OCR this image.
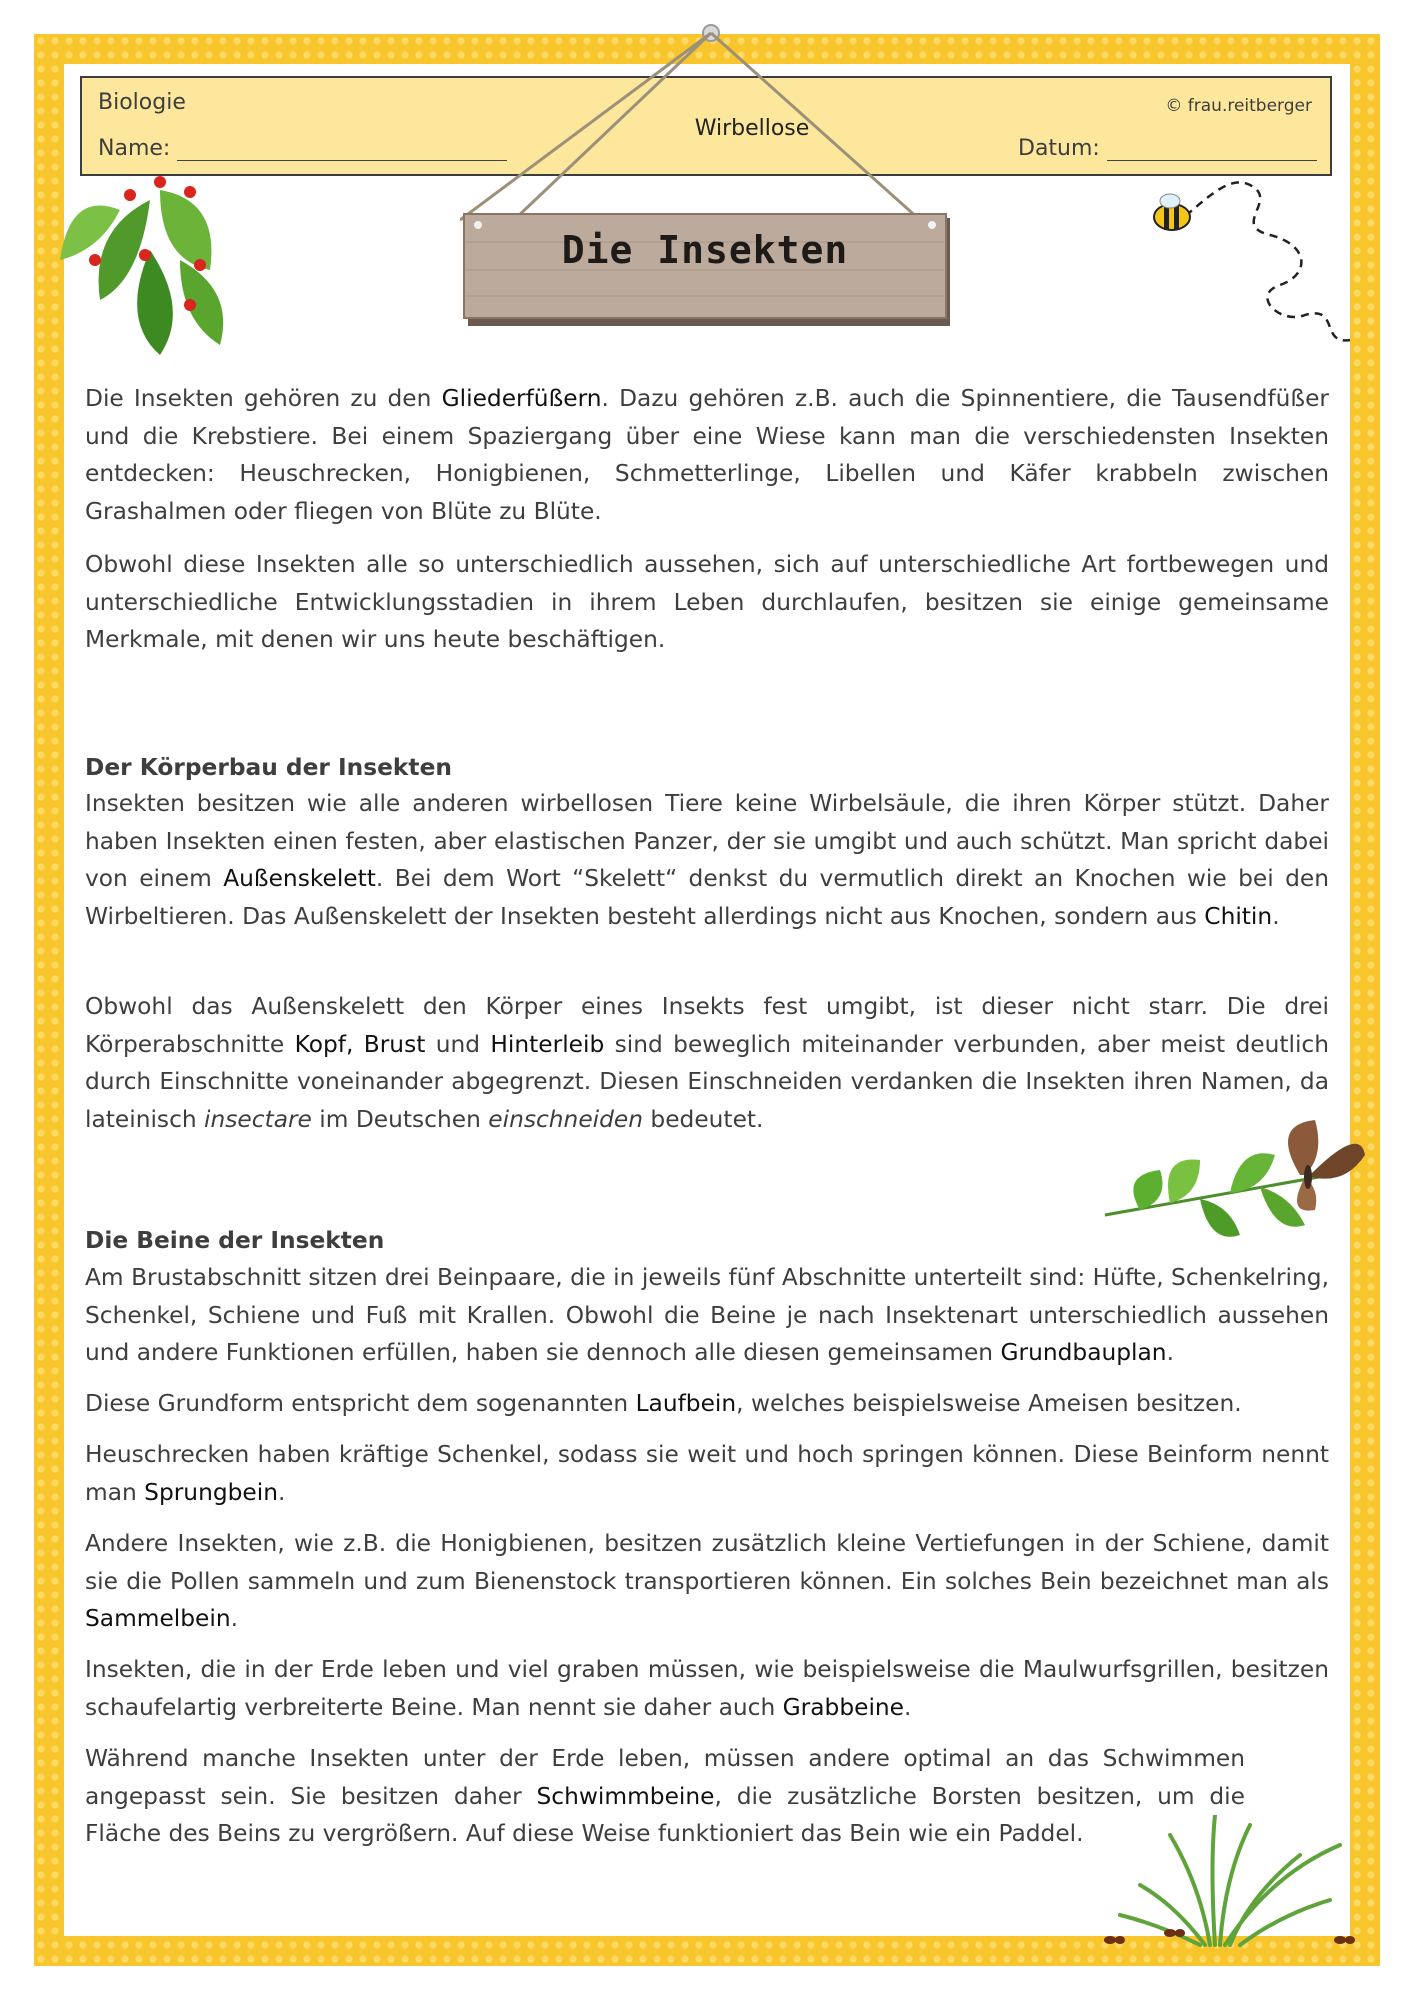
Biologie
Name:
Wirbellose
© frau.reitberger
Datum:
Die Insekten

Die Insekten gehören zu den Gliederfüßern. Dazu gehören z.B. auch die Spinnentiere, die Tausendfüßer und die Krebstiere. Bei einem Spaziergang über eine Wiese kann man die verschiedensten Insekten entdecken: Heuschrecken, Honigbienen, Schmetterlinge, Libellen und Käfer krabbeln zwischen Grashalmen oder fliegen von Blüte zu Blüte.

Obwohl diese Insekten alle so unterschiedlich aussehen, sich auf unterschiedliche Art fortbewegen und unterschiedliche Entwicklungsstadien in ihrem Leben durchlaufen, besitzen sie einige gemeinsame Merkmale, mit denen wir uns heute beschäftigen.

Der Körperbau der Insekten

Insekten besitzen wie alle anderen wirbellosen Tiere keine Wirbelsäule, die ihren Körper stützt. Daher haben Insekten einen festen, aber elastischen Panzer, der sie umgibt und auch schützt. Man spricht dabei von einem Außenskelett. Bei dem Wort “Skelett“ denkst du vermutlich direkt an Knochen wie bei den Wirbeltieren. Das Außenskelett der Insekten besteht allerdings nicht aus Knochen, sondern aus Chitin.

Obwohl das Außenskelett den Körper eines Insekts fest umgibt, ist dieser nicht starr. Die drei Körperabschnitte Kopf, Brust und Hinterleib sind beweglich miteinander verbunden, aber meist deutlich durch Einschnitte voneinander abgegrenzt. Diesen Einschneiden verdanken die Insekten ihren Namen, da lateinisch insectare im Deutschen einschneiden bedeutet.

Die Beine der Insekten

Am Brustabschnitt sitzen drei Beinpaare, die in jeweils fünf Abschnitte unterteilt sind: Hüfte, Schenkelring, Schenkel, Schiene und Fuß mit Krallen. Obwohl die Beine je nach Insektenart unterschiedlich aussehen und andere Funktionen erfüllen, haben sie dennoch alle diesen gemeinsamen Grundbauplan.

Diese Grundform entspricht dem sogenannten Laufbein, welches beispielsweise Ameisen besitzen.

Heuschrecken haben kräftige Schenkel, sodass sie weit und hoch springen können. Diese Beinform nennt man Sprungbein.

Andere Insekten, wie z.B. die Honigbienen, besitzen zusätzlich kleine Vertiefungen in der Schiene, damit sie die Pollen sammeln und zum Bienenstock transportieren können. Ein solches Bein bezeichnet man als Sammelbein.

Insekten, die in der Erde leben und viel graben müssen, wie beispielsweise die Maulwurfsgrillen, besitzen schaufelartig verbreiterte Beine. Man nennt sie daher auch Grabbeine.

Während manche Insekten unter der Erde leben, müssen andere optimal an das Schwimmen angepasst sein. Sie besitzen daher Schwimmbeine, die zusätzliche Borsten besitzen, um die Fläche des Beins zu vergrößern. Auf diese Weise funktioniert das Bein wie ein Paddel.
